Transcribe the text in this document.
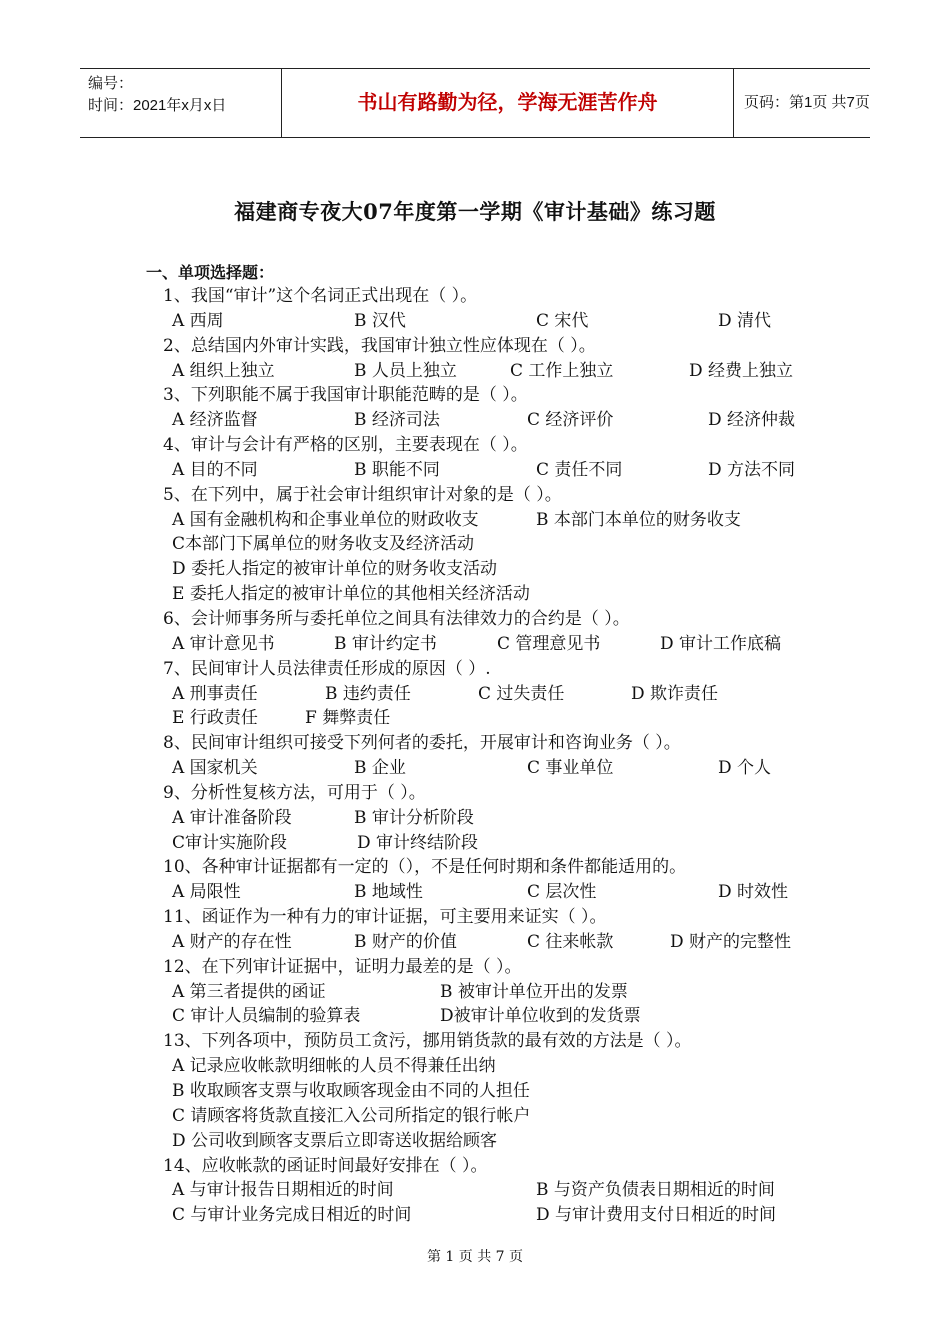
编号：
时间：2021年x月x日	书山有路勤为径，学海无涯苦作舟	页码：第1页 共7页
福建商专夜大07年度第一学期《审计基础》练习题
一、单项选择题：
1、我国“审计”这个名词正式出现在（ ）。
A 西周	B 汉代	C 宋代	D 清代
2、总结国内外审计实践，我国审计独立性应体现在（ ）。
A 组织上独立	B 人员上独立	C 工作上独立	D 经费上独立
3、下列职能不属于我国审计职能范畴的是（ ）。
A 经济监督	B 经济司法	C 经济评价	D 经济仲裁
4、审计与会计有严格的区别，主要表现在（ ）。
A 目的不同	B 职能不同	C 责任不同	D 方法不同
5、在下列中，属于社会审计组织审计对象的是（ ）。
A 国有金融机构和企事业单位的财政收支	B 本部门本单位的财务收支
C本部门下属单位的财务收支及经济活动
D 委托人指定的被审计单位的财务收支活动
E 委托人指定的被审计单位的其他相关经济活动
6、会计师事务所与委托单位之间具有法律效力的合约是（ ）。
A 审计意见书	B 审计约定书	C 管理意见书	D 审计工作底稿
7、民间审计人员法律责任形成的原因（ ）.
A 刑事责任	B 违约责任	C 过失责任	D 欺诈责任
E 行政责任	F 舞弊责任
8、民间审计组织可接受下列何者的委托，开展审计和咨询业务（ ）。
A 国家机关	B 企业	C 事业单位	D 个人
9、分析性复核方法，可用于（ ）。
A 审计准备阶段	B 审计分析阶段
C审计实施阶段	D 审计终结阶段
10、各种审计证据都有一定的（），不是任何时期和条件都能适用的。
A 局限性	B 地域性	C 层次性	D 时效性
11、函证作为一种有力的审计证据，可主要用来证实（ ）。
A 财产的存在性	B 财产的价值	C 往来帐款	D 财产的完整性
12、在下列审计证据中，证明力最差的是（ ）。
A 第三者提供的函证	B 被审计单位开出的发票
C 审计人员编制的验算表	D被审计单位收到的发货票
13、下列各项中，预防员工贪污，挪用销货款的最有效的方法是（ ）。
A 记录应收帐款明细帐的人员不得兼任出纳
B 收取顾客支票与收取顾客现金由不同的人担任
C 请顾客将货款直接汇入公司所指定的银行帐户
D 公司收到顾客支票后立即寄送收据给顾客
14、应收帐款的函证时间最好安排在（ ）。
A 与审计报告日期相近的时间	B 与资产负债表日期相近的时间
C 与审计业务完成日相近的时间	D 与审计费用支付日相近的时间
第 1 页 共 7 页
